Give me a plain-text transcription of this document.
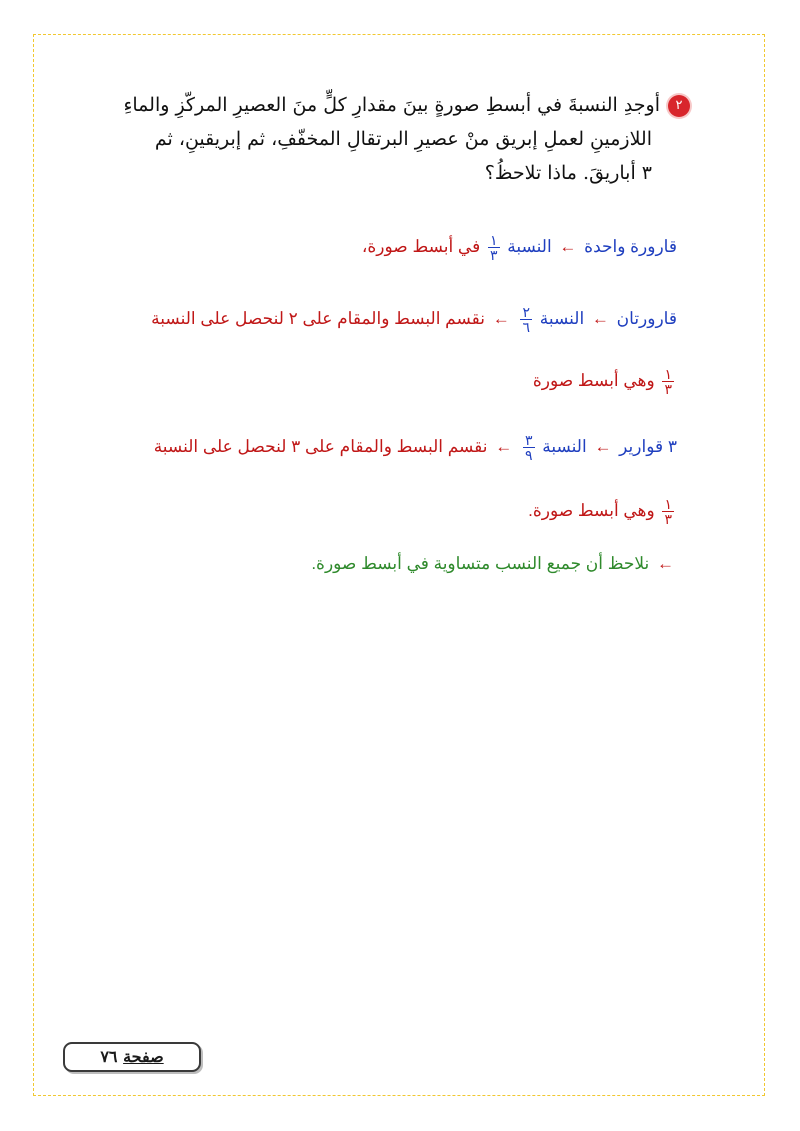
٢أوجدِ النسبةَ في أبسطِ صورةٍ بينَ مقدارِ كلٍّ منَ العصيرِ المركّزِ والماءِ
اللازمينِ لعملِ إبريق منْ عصيرِ البرتقالِ المخفّفِ، ثم إبريقينِ، ثم
٣ أباريقَ. ماذا تلاحظُ؟
قارورة واحدة ← النسبة
$\frac{١}{٣}$
في أبسط صورة،
قارورتان ← النسبة
$\frac{٢}{٦}$
← نقسم البسط والمقام على ٢ لنحصل على النسبة
$\frac{١}{٣}$
وهي أبسط صورة
٣ قوارير ← النسبة
$\frac{٣}{٩}$
← نقسم البسط والمقام على ٣ لنحصل على النسبة
$\frac{١}{٣}$
وهي أبسط صورة.
← نلاحظ أن جميع النسب متساوية في أبسط صورة.
صفحة ٧٦
